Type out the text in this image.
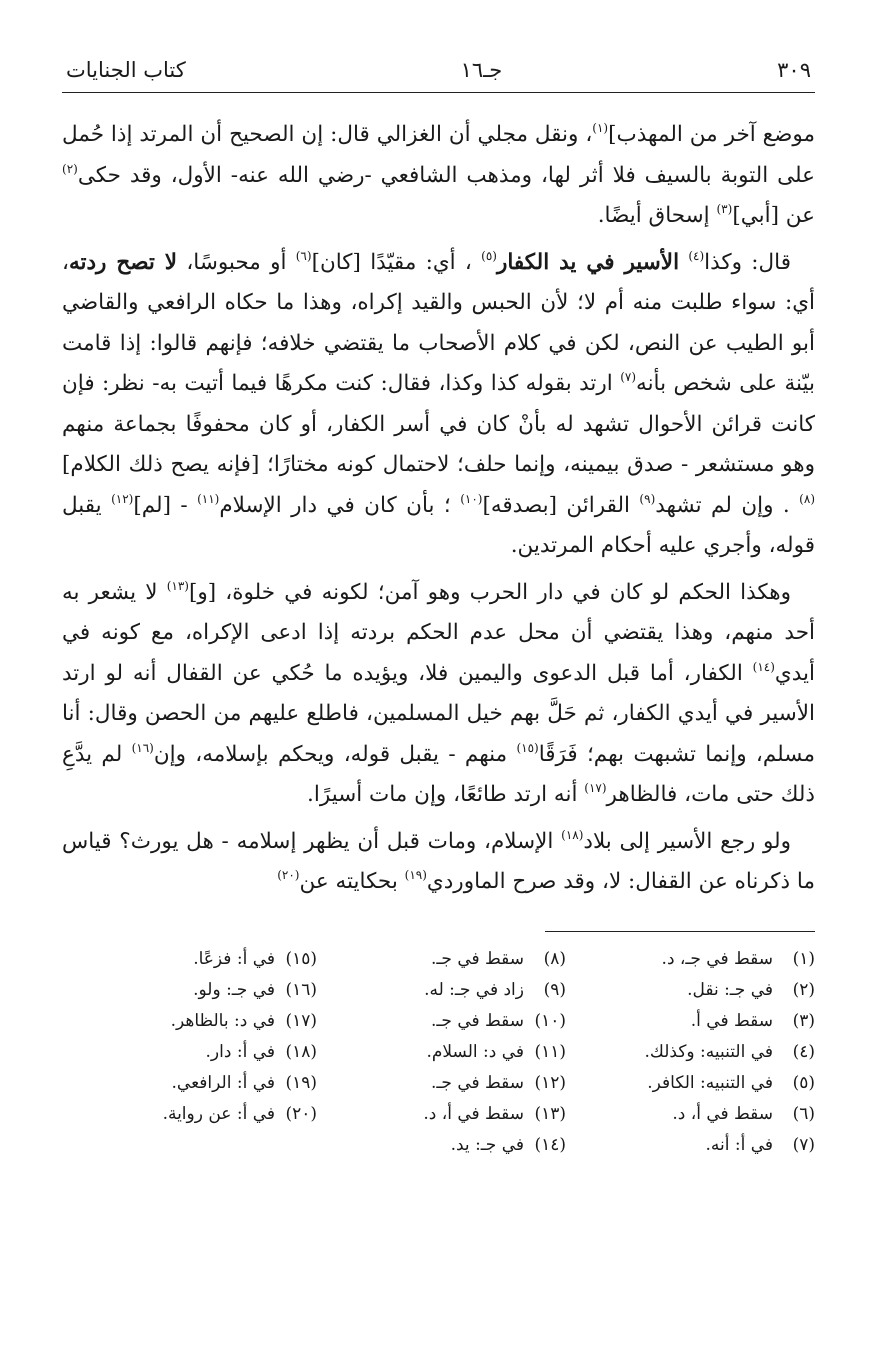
٣٠٩
جـ١٦
كتاب الجنايات

موضع آخر من المهذب]$^{(١)}$، ونقل مجلي أن الغزالي قال: إن الصحيح أن المرتد إذا حُمل على التوبة بالسيف فلا أثر لها، ومذهب الشافعي -رضي الله عنه- الأول، وقد حكى$^{(٢)}$ عن [أبي]$^{(٣)}$ إسحاق أيضًا.

قال: وكذا$^{(٤)}$ الأسير في يد الكفار$^{(٥)}$ ، أي: مقيّدًا [كان]$^{(٦)}$ أو محبوسًا، لا تصح ردته، أي: سواء طلبت منه أم لا؛ لأن الحبس والقيد إكراه، وهذا ما حكاه الرافعي والقاضي أبو الطيب عن النص، لكن في كلام الأصحاب ما يقتضي خلافه؛ فإنهم قالوا: إذا قامت بيّنة على شخص بأنه$^{(٧)}$ ارتد بقوله كذا وكذا، فقال: كنت مكرهًا فيما أتيت به- نظر: فإن كانت قرائن الأحوال تشهد له بأنْ كان في أسر الكفار، أو كان محفوفًا بجماعة منهم وهو مستشعر - صدق بيمينه، وإنما حلف؛ لاحتمال كونه مختارًا؛ [فإنه يصح ذلك الكلام]$^{(٨)}$ . وإن لم تشهد$^{(٩)}$ القرائن [بصدقه]$^{(١٠)}$ ؛ بأن كان في دار الإسلام$^{(١١)}$ - [لم]$^{(١٢)}$ يقبل قوله، وأجري عليه أحكام المرتدين.

وهكذا الحكم لو كان في دار الحرب وهو آمن؛ لكونه في خلوة، [و]$^{(١٣)}$ لا يشعر به أحد منهم، وهذا يقتضي أن محل عدم الحكم بردته إذا ادعى الإكراه، مع كونه في أيدي$^{(١٤)}$ الكفار، أما قبل الدعوى واليمين فلا، ويؤيده ما حُكي عن القفال أنه لو ارتد الأسير في أيدي الكفار، ثم حَلَّ بهم خيل المسلمين، فاطلع عليهم من الحصن وقال: أنا مسلم، وإنما تشبهت بهم؛ فَرَقًا$^{(١٥)}$ منهم - يقبل قوله، ويحكم بإسلامه، وإن$^{(١٦)}$ لم يدَّعِ ذلك حتى مات، فالظاهر$^{(١٧)}$ أنه ارتد طائعًا، وإن مات أسيرًا.

ولو رجع الأسير إلى بلاد$^{(١٨)}$ الإسلام، ومات قبل أن يظهر إسلامه - هل يورث؟ قياس ما ذكرناه عن القفال: لا، وقد صرح الماوردي$^{(١٩)}$ بحكايته عن$^{(٢٠)}$

(١)سقط في جـ، د.
(٢)في جـ: نقل.
(٣)سقط في أ.
(٤)في التنبيه: وكذلك.
(٥)في التنبيه: الكافر.
(٦)سقط في أ، د.
(٧)في أ: أنه.
(٨)سقط في جـ.
(٩)زاد في جـ: له.
(١٠)سقط في جـ.
(١١)في د: السلام.
(١٢)سقط في جـ.
(١٣)سقط في أ، د.
(١٤)في جـ: يد.
(١٥)في أ: فزعًا.
(١٦)في جـ: ولو.
(١٧)في د: بالظاهر.
(١٨)في أ: دار.
(١٩)في أ: الرافعي.
(٢٠)في أ: عن رواية.
